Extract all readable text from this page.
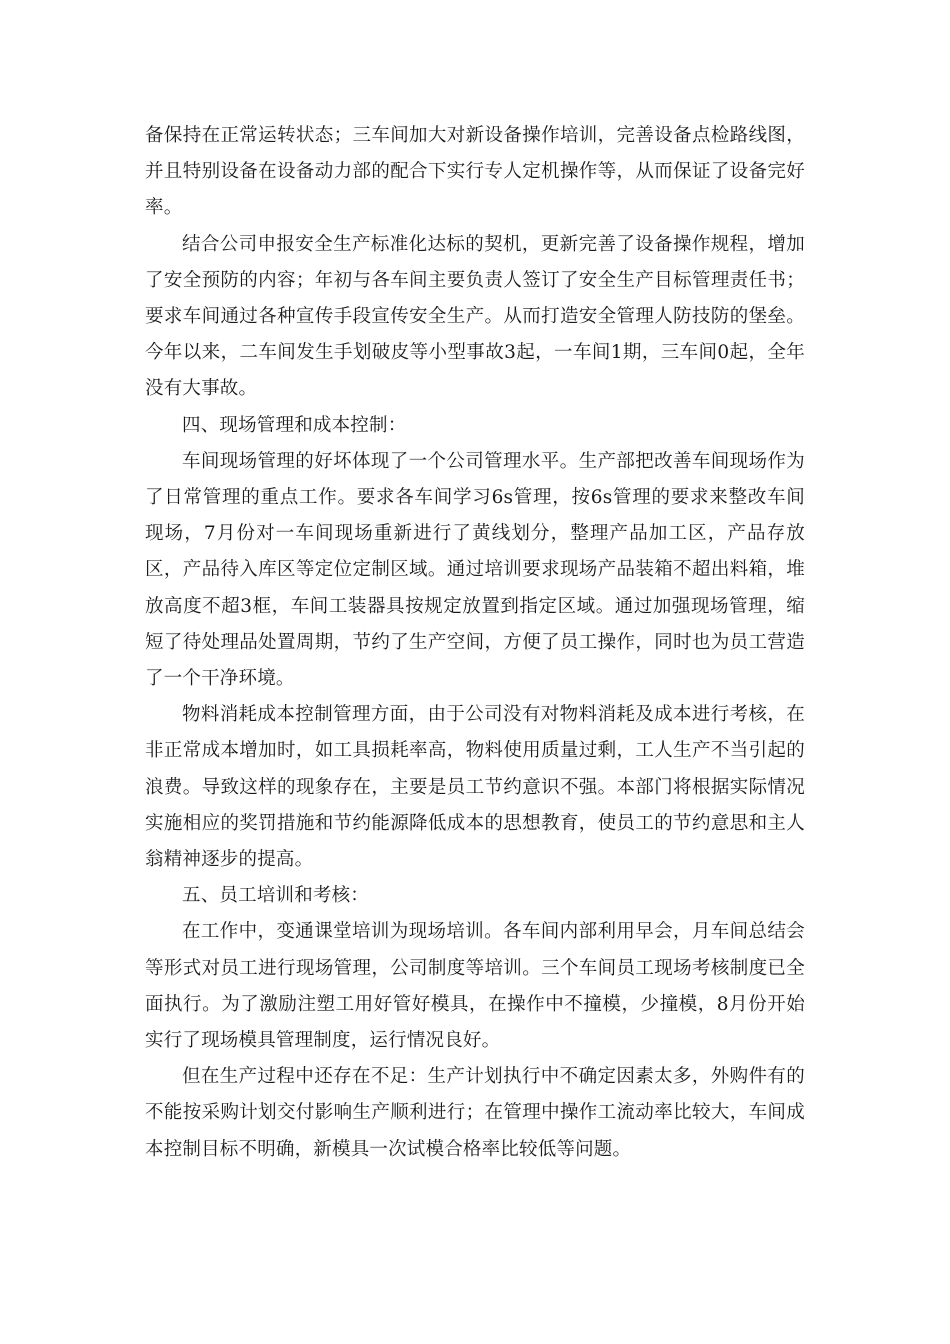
备保持在正常运转状态；三车间加大对新设备操作培训，完善设备点检路线图，并且特别设备在设备动力部的配合下实行专人定机操作等，从而保证了设备完好率。

结合公司申报安全生产标准化达标的契机，更新完善了设备操作规程，增加了安全预防的内容；年初与各车间主要负责人签订了安全生产目标管理责任书；要求车间通过各种宣传手段宣传安全生产。从而打造安全管理人防技防的堡垒。今年以来，二车间发生手划破皮等小型事故3起，一车间1期，三车间0起，全年没有大事故。

四、现场管理和成本控制：

车间现场管理的好坏体现了一个公司管理水平。生产部把改善车间现场作为了日常管理的重点工作。要求各车间学习6s管理，按6s管理的要求来整改车间现场，7月份对一车间现场重新进行了黄线划分，整理产品加工区，产品存放区，产品待入库区等定位定制区域。通过培训要求现场产品装箱不超出料箱，堆放高度不超3框，车间工装器具按规定放置到指定区域。通过加强现场管理，缩短了待处理品处置周期，节约了生产空间，方便了员工操作，同时也为员工营造了一个干净环境。

物料消耗成本控制管理方面，由于公司没有对物料消耗及成本进行考核，在非正常成本增加时，如工具损耗率高，物料使用质量过剩，工人生产不当引起的浪费。导致这样的现象存在，主要是员工节约意识不强。本部门将根据实际情况实施相应的奖罚措施和节约能源降低成本的思想教育，使员工的节约意思和主人翁精神逐步的提高。

五、员工培训和考核：

在工作中，变通课堂培训为现场培训。各车间内部利用早会，月车间总结会等形式对员工进行现场管理，公司制度等培训。三个车间员工现场考核制度已全面执行。为了激励注塑工用好管好模具，在操作中不撞模，少撞模，8月份开始实行了现场模具管理制度，运行情况良好。

但在生产过程中还存在不足：生产计划执行中不确定因素太多，外购件有的不能按采购计划交付影响生产顺利进行；在管理中操作工流动率比较大，车间成本控制目标不明确，新模具一次试模合格率比较低等问题。
